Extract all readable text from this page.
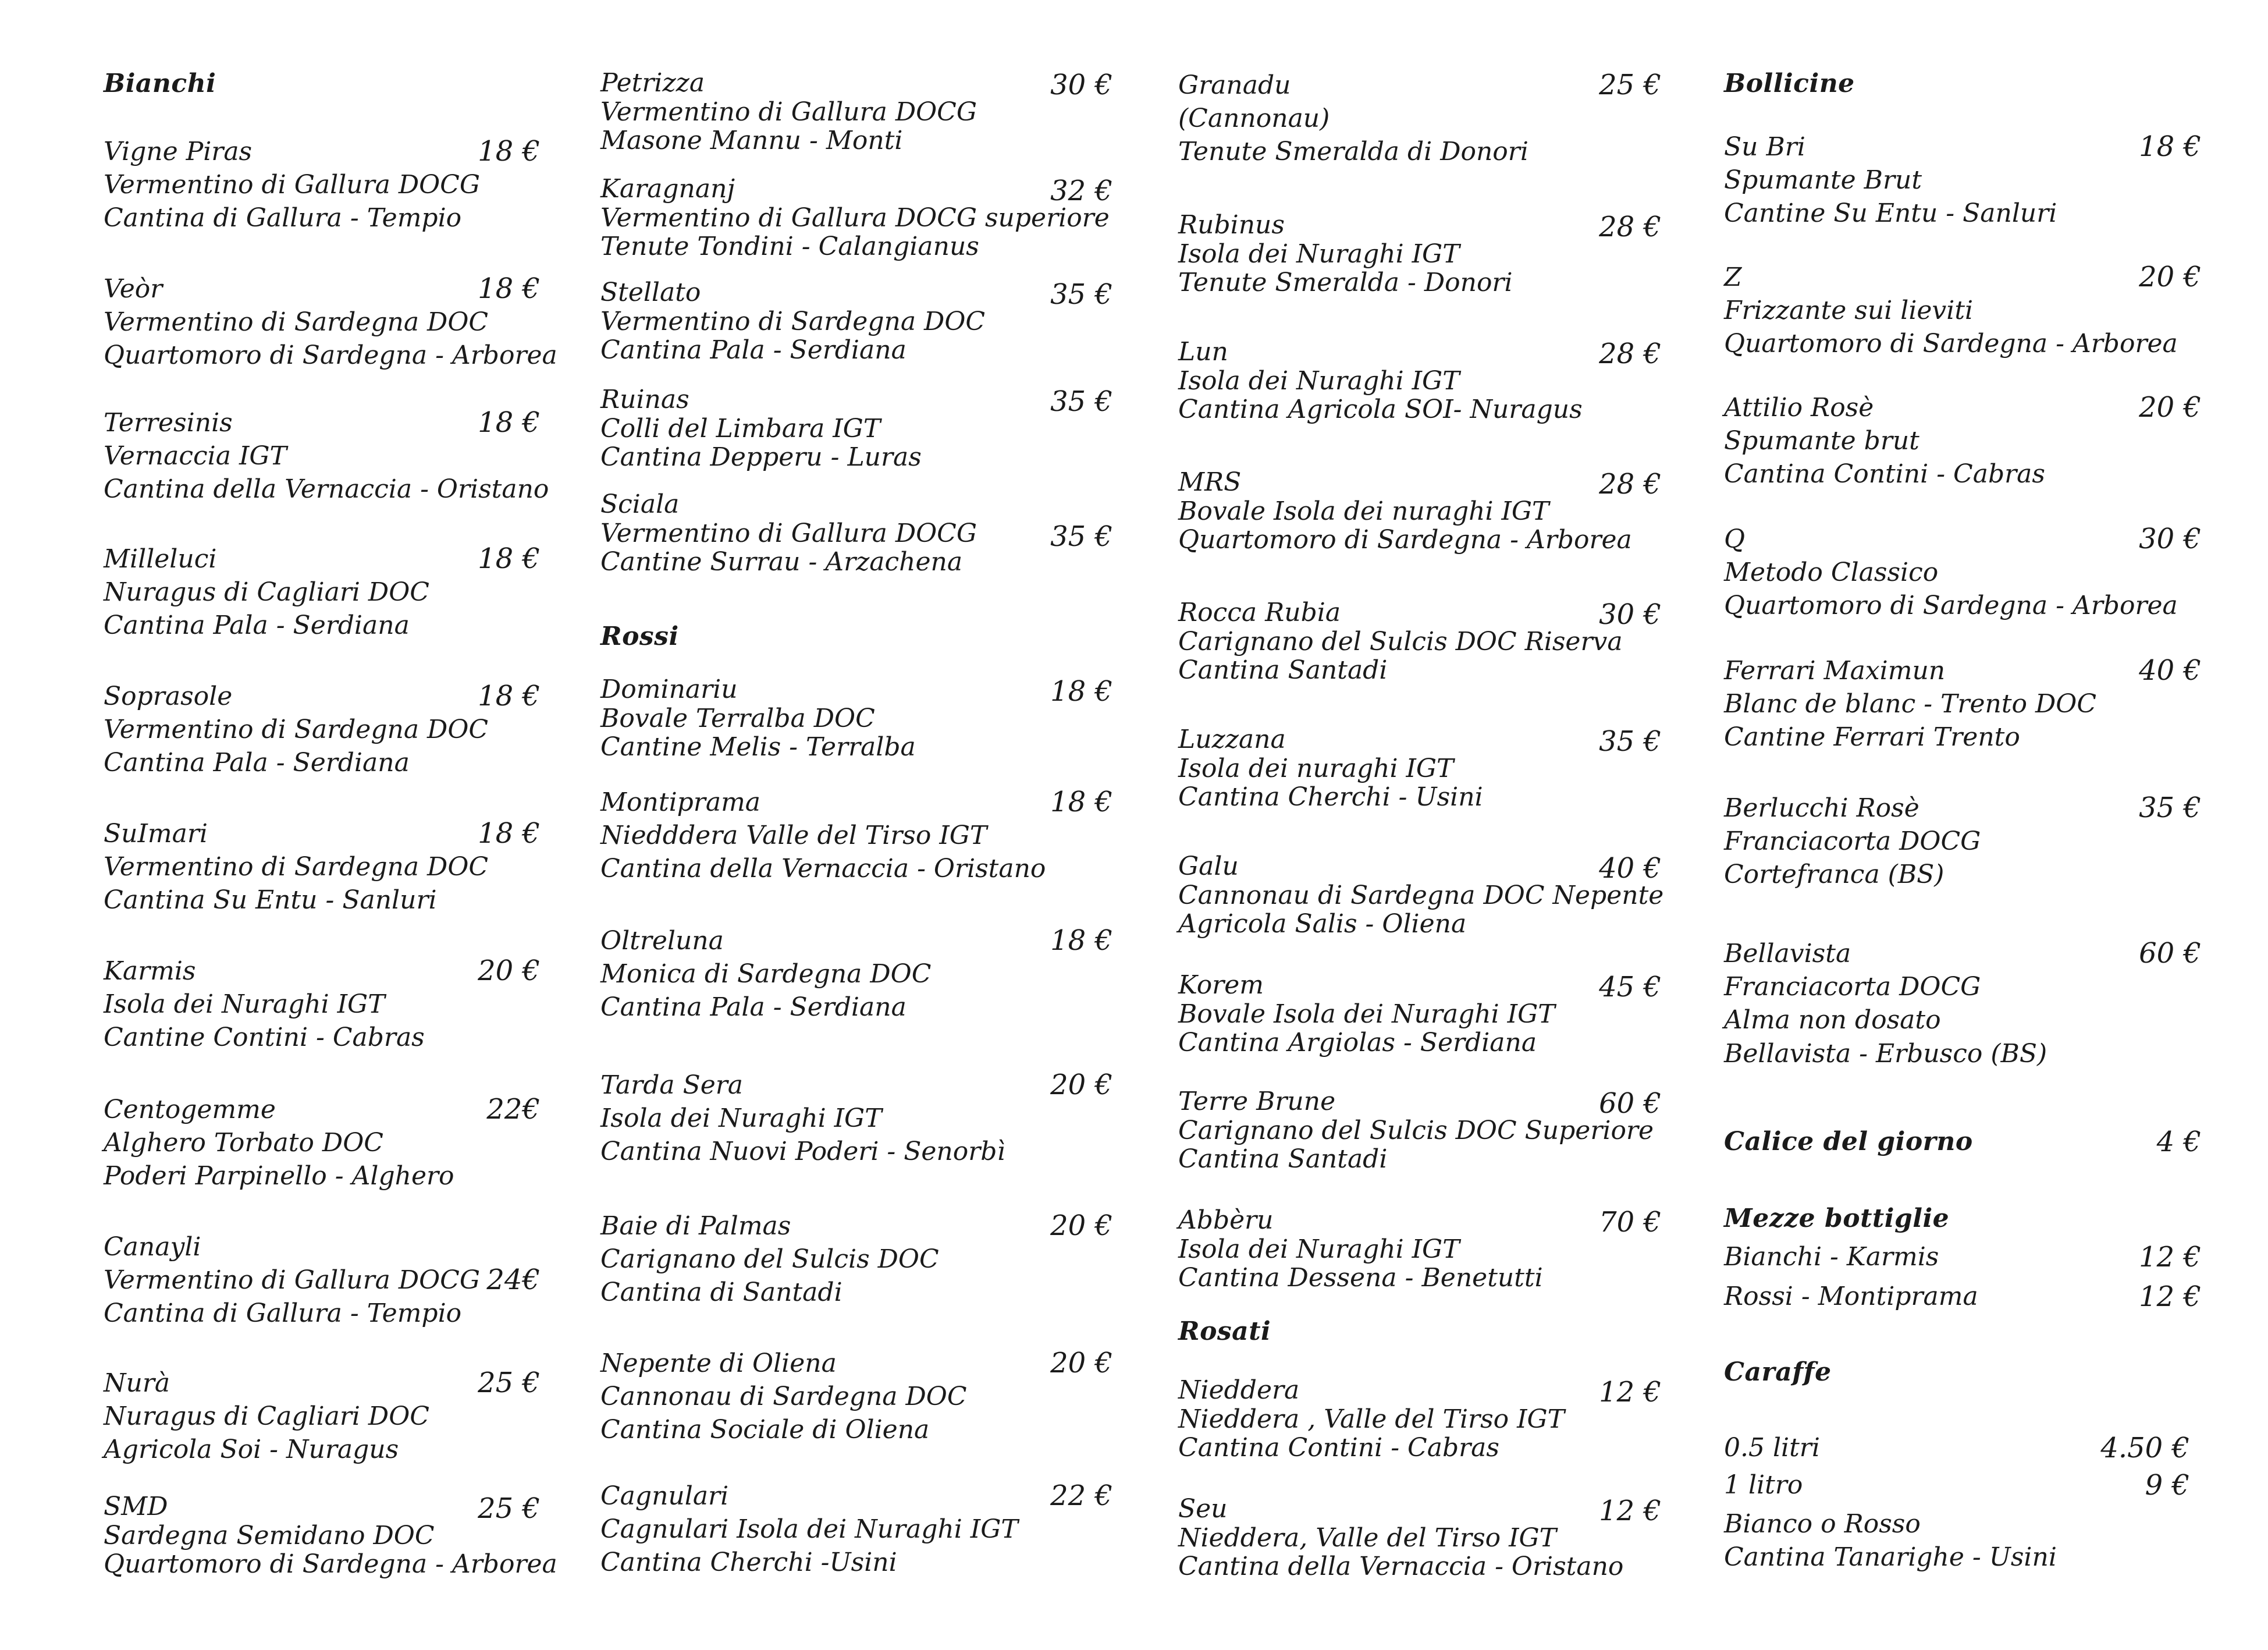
Bianchi
Vigne Piras
Vermentino di Gallura DOCG
Cantina di Gallura - Tempio
18 €
Veòr
Vermentino di Sardegna DOC
Quartomoro di Sardegna - Arborea
18 €
Terresinis
Vernaccia IGT
Cantina della Vernaccia - Oristano
18 €
Milleluci
Nuragus di Cagliari DOC
Cantina Pala - Serdiana
18 €
Soprasole
Vermentino di Sardegna DOC
Cantina Pala - Serdiana
18 €
SuImari
Vermentino di Sardegna DOC
Cantina Su Entu - Sanluri
18 €
Karmis
Isola dei Nuraghi IGT
Cantine Contini - Cabras
20 €
Centogemme
Alghero Torbato DOC
Poderi Parpinello - Alghero
22€
Canayli
Vermentino di Gallura DOCG
Cantina di Gallura - Tempio
24€
Nurà
Nuragus di Cagliari DOC
Agricola Soi - Nuragus
25 €
SMD
Sardegna Semidano DOC
Quartomoro di Sardegna - Arborea
25 €
Petrizza
Vermentino di Gallura DOCG
Masone Mannu - Monti
30 €
Karagnanj
Vermentino di Gallura DOCG superiore
Tenute Tondini - Calangianus
32 €
Stellato
Vermentino di Sardegna DOC
Cantina Pala - Serdiana
35 €
Ruinas
Colli del Limbara IGT
Cantina Depperu - Luras
35 €
Sciala
Vermentino di Gallura DOCG
Cantine Surrau - Arzachena
35 €
Rossi
Dominariu
Bovale Terralba DOC
Cantine Melis - Terralba
18 €
Montiprama
Niedddera Valle del Tirso IGT
Cantina della Vernaccia - Oristano
18 €
Oltreluna
Monica di Sardegna DOC
Cantina Pala - Serdiana
18 €
Tarda Sera
Isola dei Nuraghi IGT
Cantina Nuovi Poderi - Senorbì
20 €
Baie di Palmas
Carignano del Sulcis DOC
Cantina di Santadi
20 €
Nepente di Oliena
Cannonau di Sardegna DOC
Cantina Sociale di Oliena
20 €
Cagnulari
Cagnulari Isola dei Nuraghi IGT
Cantina Cherchi -Usini
22 €
Granadu
(Cannonau)
Tenute Smeralda di Donori
25 €
Rubinus
Isola dei Nuraghi IGT
Tenute Smeralda - Donori
28 €
Lun
Isola dei Nuraghi IGT
Cantina Agricola SOI- Nuragus
28 €
MRS
Bovale Isola dei nuraghi IGT
Quartomoro di Sardegna - Arborea
28 €
Rocca Rubia
Carignano del Sulcis DOC Riserva
Cantina Santadi
30 €
Luzzana
Isola dei nuraghi IGT
Cantina Cherchi - Usini
35 €
Galu
Cannonau di Sardegna DOC Nepente
Agricola Salis - Oliena
40 €
Korem
Bovale Isola dei Nuraghi IGT
Cantina Argiolas - Serdiana
45 €
Terre Brune
Carignano del Sulcis DOC Superiore
Cantina Santadi
60 €
Abbèru
Isola dei Nuraghi IGT
Cantina Dessena - Benetutti
70 €
Rosati
Nieddera
Nieddera , Valle del Tirso IGT
Cantina Contini - Cabras
12 €
Seu
Nieddera, Valle del Tirso IGT
Cantina della Vernaccia - Oristano
12 €
Bollicine
Su Bri
Spumante Brut
Cantine Su Entu - Sanluri
18 €
Z
Frizzante sui lieviti
Quartomoro di Sardegna - Arborea
20 €
Attilio Rosè
Spumante brut
Cantina Contini - Cabras
20 €
Q
Metodo Classico
Quartomoro di Sardegna - Arborea
30 €
Ferrari Maximun
Blanc de blanc - Trento DOC
Cantine Ferrari Trento
40 €
Berlucchi Rosè
Franciacorta DOCG
Cortefranca (BS)
35 €
Bellavista
Franciacorta DOCG
Alma non dosato
Bellavista - Erbusco (BS)
60 €
Calice del giorno	4 €
Mezze bottiglie
Bianchi - Karmis	12 €
Rossi - Montiprama	12 €
Caraffe
0.5 litri	4.50 €
1 litro	9 €
Bianco o Rosso
Cantina Tanarighe - Usini
